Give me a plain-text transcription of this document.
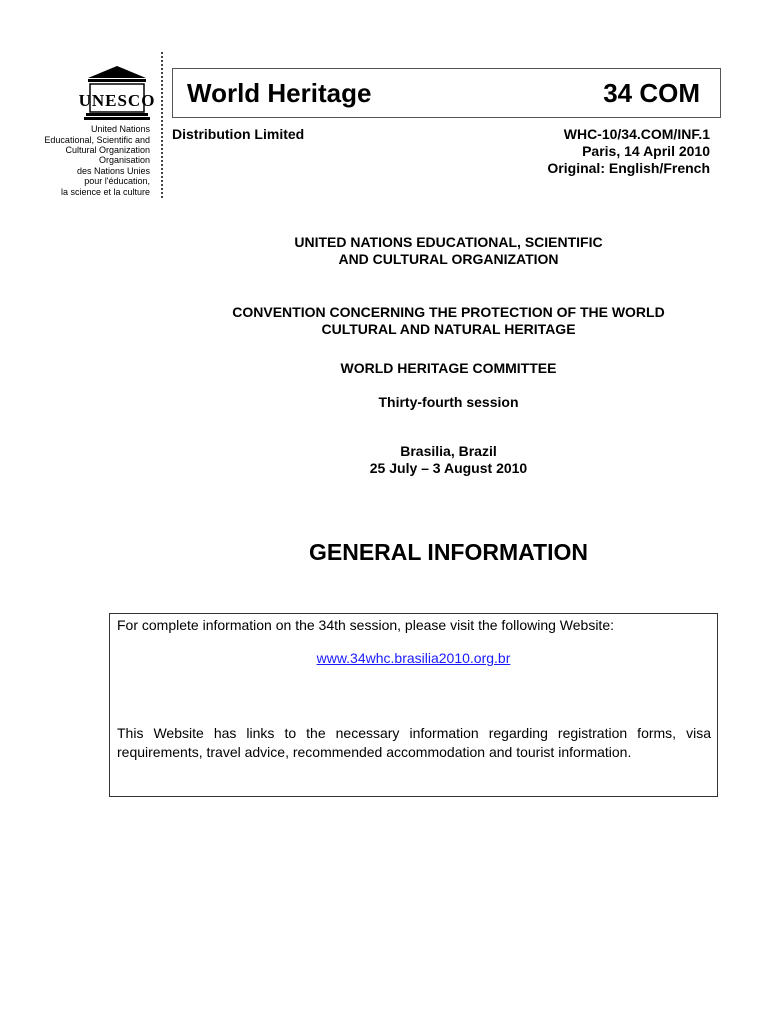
UNESCO
United Nations
Educational, Scientific and
Cultural Organization
Organisation
des Nations Unies
pour l'éducation,
la science et la culture
World Heritage	34 COM
Distribution Limited	WHC-10/34.COM/INF.1
Paris, 14 April 2010
Original: English/French
UNITED NATIONS EDUCATIONAL, SCIENTIFIC
AND CULTURAL ORGANIZATION
CONVENTION CONCERNING THE PROTECTION OF THE WORLD
CULTURAL AND NATURAL HERITAGE
WORLD HERITAGE COMMITTEE
Thirty-fourth session
Brasilia, Brazil
25 July – 3 August 2010
GENERAL INFORMATION
For complete information on the 34th session, please visit the following Website:
www.34whc.brasilia2010.org.br
This Website has links to the necessary information regarding registration forms, visa requirements, travel advice, recommended accommodation and tourist information.
